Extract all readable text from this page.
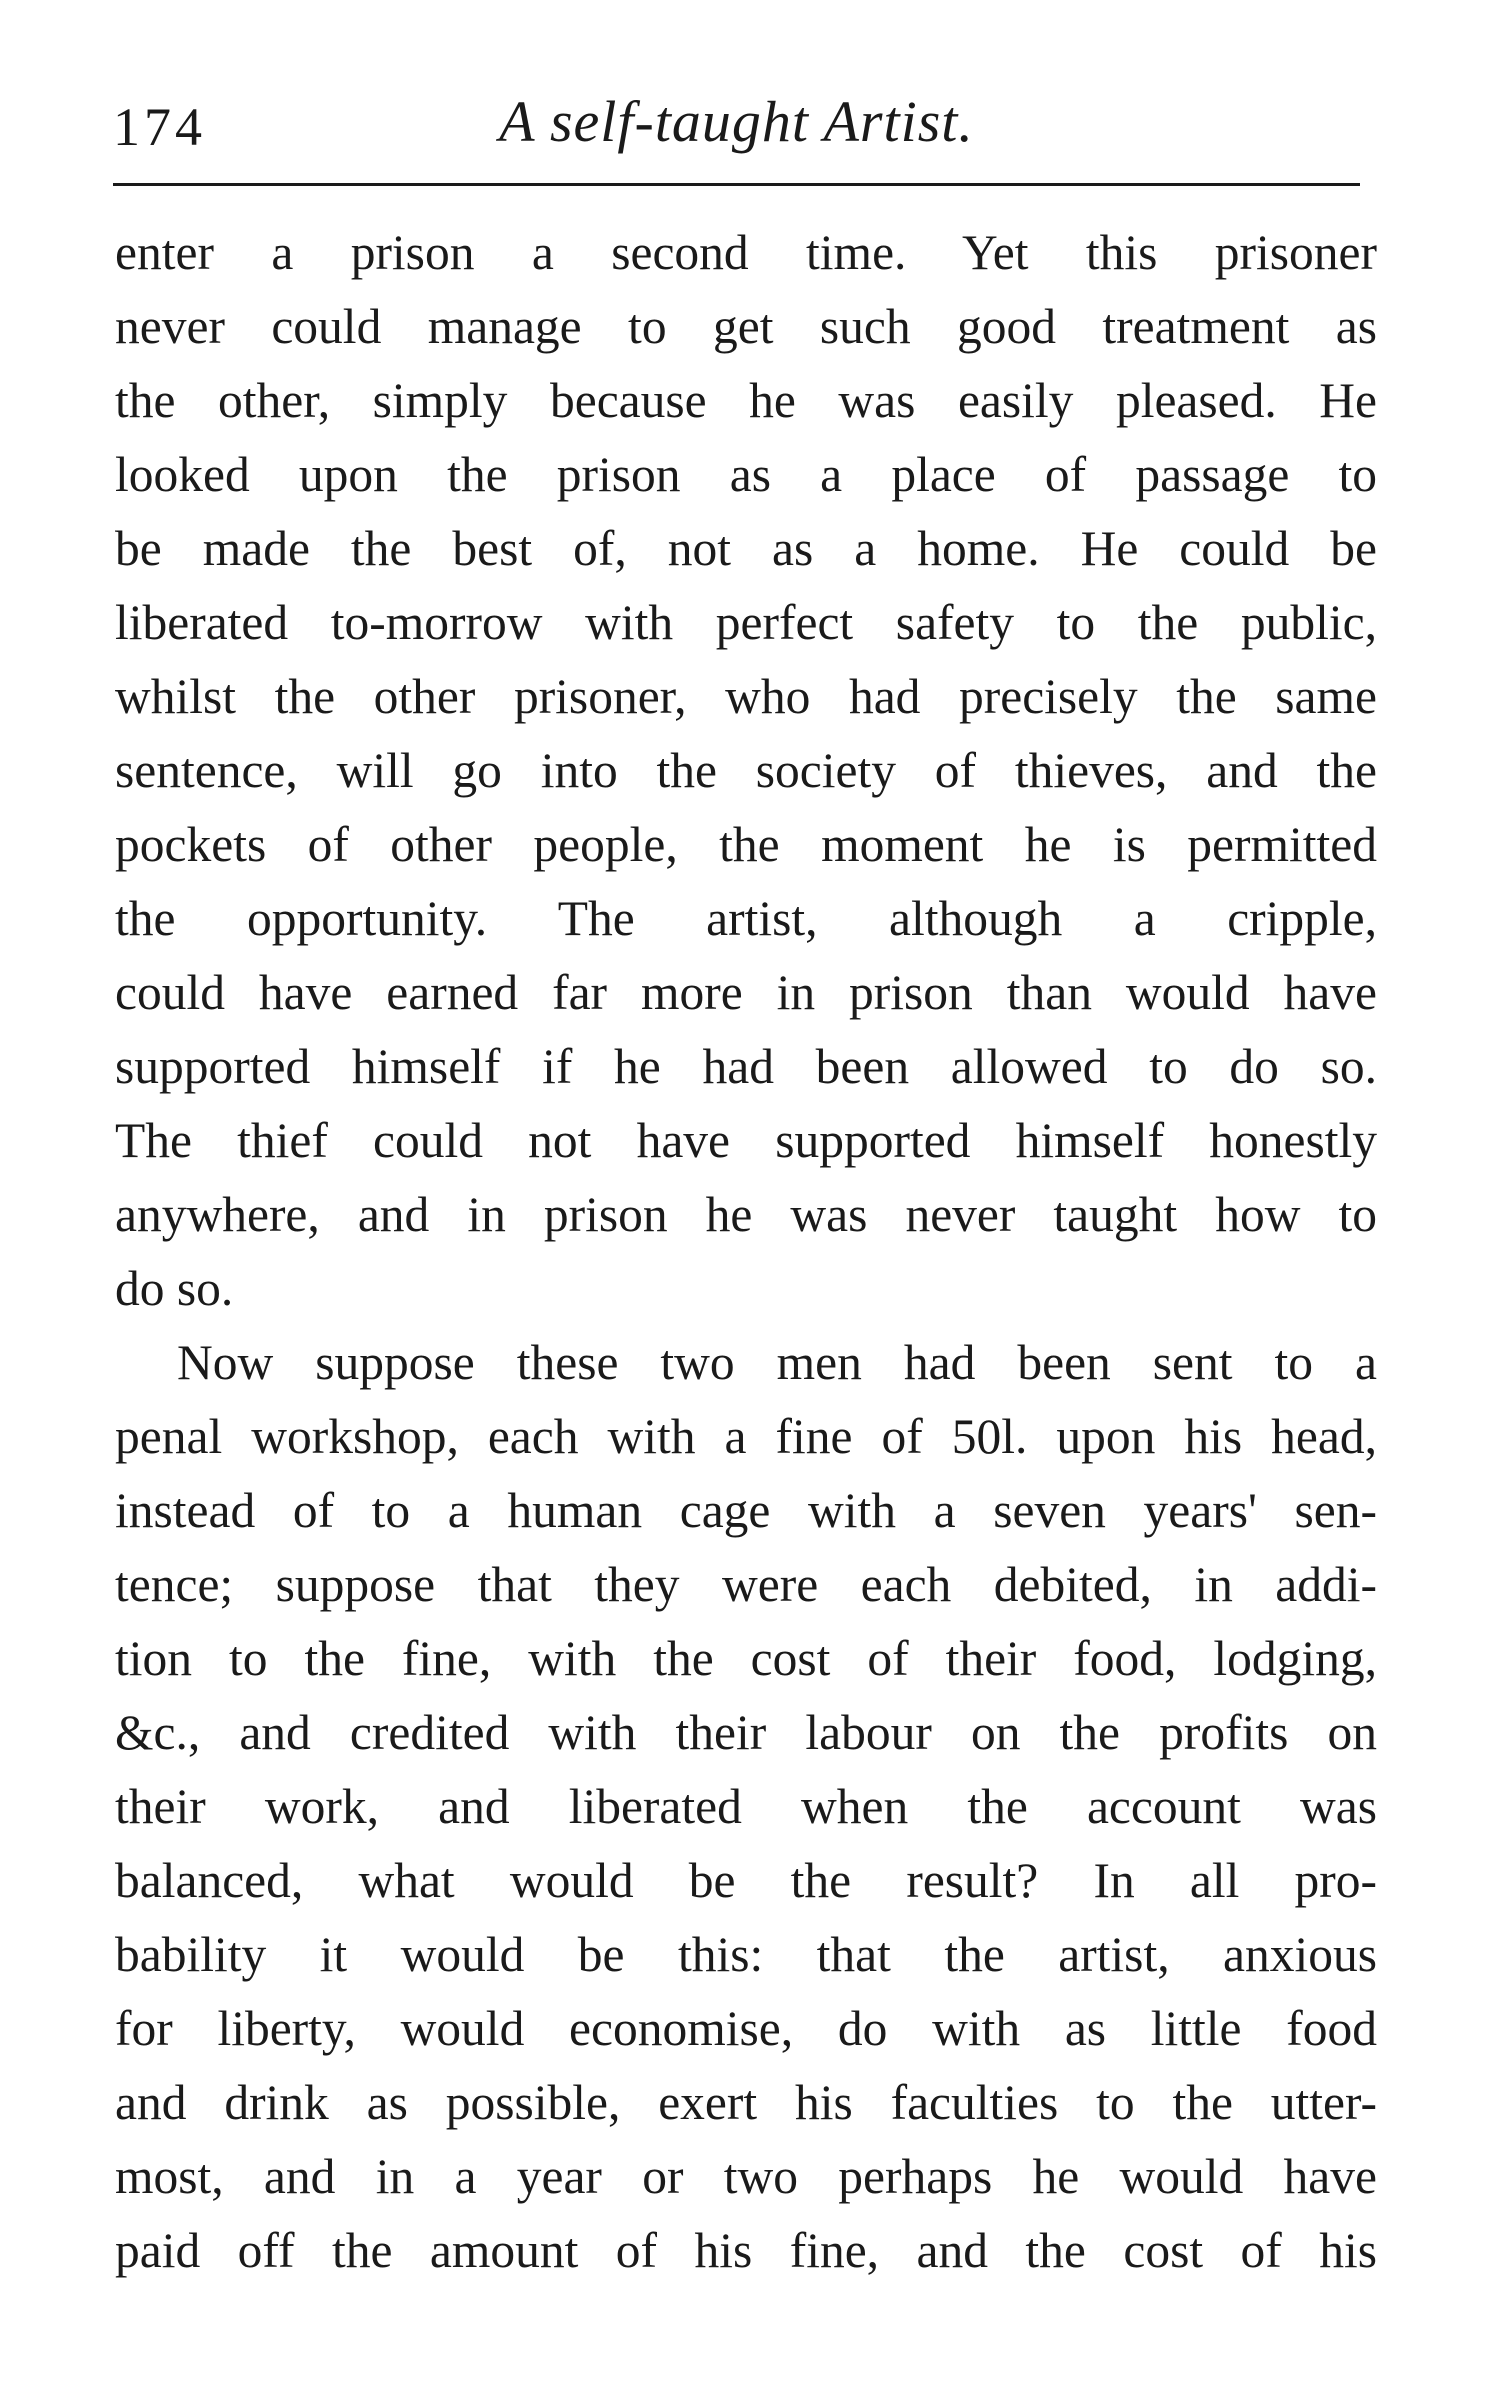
174	A self-taught Artist.
enter a prison a second time. Yet this prisoner
never could manage to get such good treatment as
the other, simply because he was easily pleased. He
looked upon the prison as a place of passage to
be made the best of, not as a home. He could be
liberated to-morrow with perfect safety to the public,
whilst the other prisoner, who had precisely the same
sentence, will go into the society of thieves, and the
pockets of other people, the moment he is permitted
the opportunity. The artist, although a cripple,
could have earned far more in prison than would have
supported himself if he had been allowed to do so.
The thief could not have supported himself honestly
anywhere, and in prison he was never taught how to
do so.
Now suppose these two men had been sent to a
penal workshop, each with a fine of 50l. upon his head,
instead of to a human cage with a seven years' sen-
tence; suppose that they were each debited, in addi-
tion to the fine, with the cost of their food, lodging,
&c., and credited with their labour on the profits on
their work, and liberated when the account was
balanced, what would be the result? In all pro-
bability it would be this: that the artist, anxious
for liberty, would economise, do with as little food
and drink as possible, exert his faculties to the utter-
most, and in a year or two perhaps he would have
paid off the amount of his fine, and the cost of his
